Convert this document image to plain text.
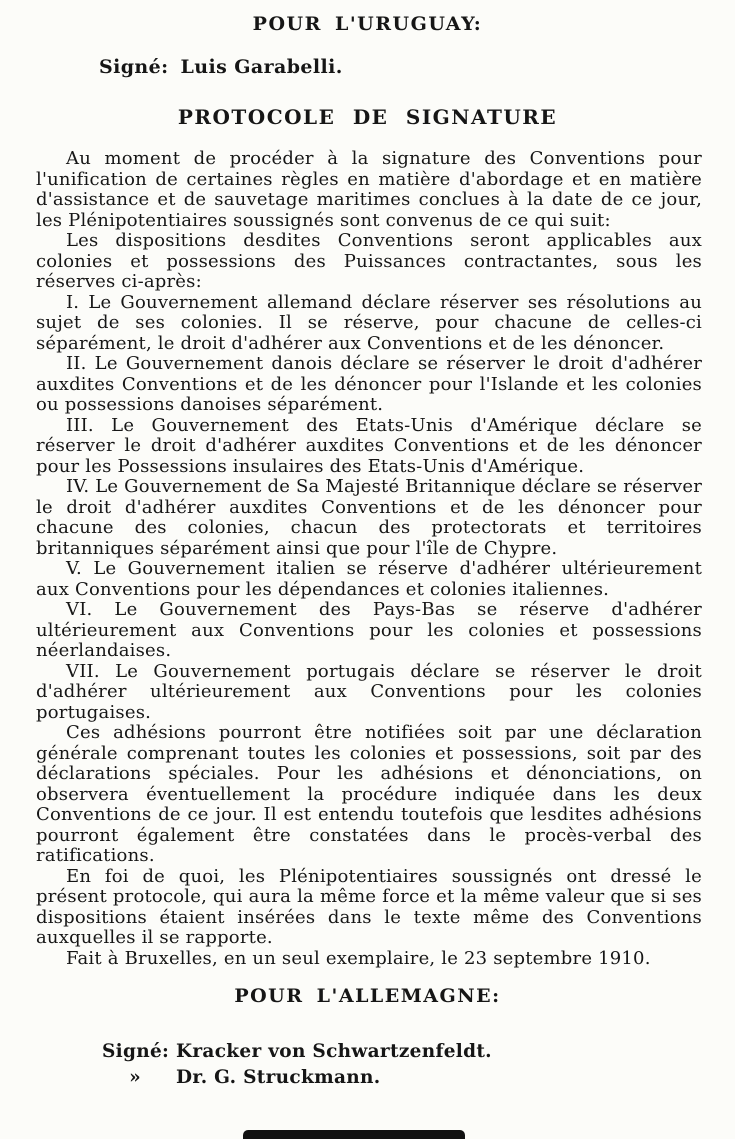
POUR L'URUGUAY:
Signé: Luis Garabelli.
PROTOCOLE DE SIGNATURE

Au moment de procéder à la signature des Conventions pour l'unification de certaines règles en matière d'abordage et en matière d'assistance et de sauvetage maritimes conclues à la date de ce jour, les Plénipotentiaires soussignés sont convenus de ce qui suit:

Les dispositions desdites Conventions seront applicables aux colonies et possessions des Puissances contractantes, sous les réserves ci-après:

I. Le Gouvernement allemand déclare réserver ses résolutions au sujet de ses colonies. Il se réserve, pour chacune de celles-ci séparément, le droit d'adhérer aux Conventions et de les dénoncer.

II. Le Gouvernement danois déclare se réserver le droit d'adhérer auxdites Conventions et de les dénoncer pour l'Islande et les colonies ou possessions danoises séparément.

III. Le Gouvernement des Etats-Unis d'Amérique déclare se réserver le droit d'adhérer auxdites Conventions et de les dénoncer pour les Possessions insulaires des Etats-Unis d'Amérique.

IV. Le Gouvernement de Sa Majesté Britannique déclare se réserver le droit d'adhérer auxdites Conventions et de les dénoncer pour chacune des colonies, chacun des protectorats et territoires britanniques séparément ainsi que pour l'île de Chypre.

V. Le Gouvernement italien se réserve d'adhérer ultérieurement aux Conventions pour les dépendances et colonies italiennes.

VI. Le Gouvernement des Pays-Bas se réserve d'adhérer ultérieurement aux Conventions pour les colonies et possessions néerlandaises.

VII. Le Gouvernement portugais déclare se réserver le droit d'adhérer ultérieurement aux Conventions pour les colonies portugaises.

Ces adhésions pourront être notifiées soit par une déclaration générale comprenant toutes les colonies et possessions, soit par des déclarations spéciales. Pour les adhésions et dénonciations, on observera éventuellement la procédure indiquée dans les deux Conventions de ce jour. Il est entendu toutefois que lesdites adhésions pourront également être constatées dans le procès-verbal des ratifications.

En foi de quoi, les Plénipotentiaires soussignés ont dressé le présent protocole, qui aura la même force et la même valeur que si ses dispositions étaient insérées dans le texte même des Conventions auxquelles il se rapporte.

Fait à Bruxelles, en un seul exemplaire, le 23 septembre 1910.

POUR L'ALLEMAGNE:
Signé: Kracker von Schwartzenfeldt.
»	Dr. G. Struckmann.
